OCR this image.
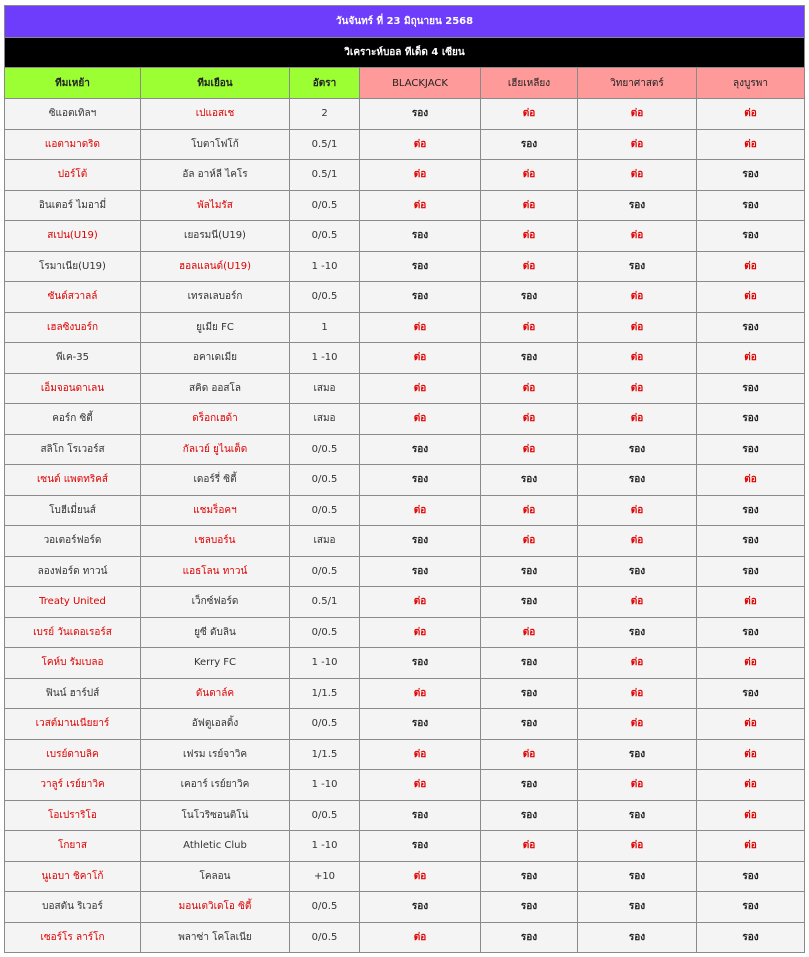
วันจันทร์ ที่ 23 มิถุนายน 2568						
วิเคราะห์บอล ทีเด็ด 4 เซียน						
ทีมเหย้า	ทีมเยือน	อัตรา	BLACKJACK	เฮียเหลียง	วิทยาศาสตร์	ลุงบูรพา
ซิแอตเทิลฯ	เปแอสเช	2	รอง	ต่อ	ต่อ	ต่อ
แอตามาดริด	โบตาโฟโก้	0.5/1	ต่อ	รอง	ต่อ	ต่อ
ปอร์โต้	อัล อาห์ลี ไคโร	0.5/1	ต่อ	ต่อ	ต่อ	รอง
อินเตอร์ ไมอามี่	พัลไมรัส	0/0.5	ต่อ	ต่อ	รอง	รอง
สเปน(U19)	เยอรมนี(U19)	0/0.5	รอง	ต่อ	ต่อ	รอง
โรมาเนีย(U19)	ฮอลแลนด์(U19)	1 -10	รอง	ต่อ	รอง	ต่อ
ซันด์สวาลล์	เทรลเลบอร์ก	0/0.5	รอง	รอง	ต่อ	ต่อ
เฮลซิงบอร์ก	ยูเมีย FC	1	ต่อ	ต่อ	ต่อ	รอง
พีเค-35	อคาเดเมีย	1 -10	ต่อ	รอง	ต่อ	ต่อ
เอ็มจอนดาเลน	สคิด ออสโล	เสมอ	ต่อ	ต่อ	ต่อ	รอง
คอร์ก ซิตี้	ดร็อกเฮด้า	เสมอ	ต่อ	ต่อ	ต่อ	รอง
สลิโก โรเวอร์ส	กัลเวย์ ยูไนเต็ด	0/0.5	รอง	ต่อ	รอง	รอง
เซนต์ แพตทริคส์	เดอร์รี่ ซิตี้	0/0.5	รอง	รอง	รอง	ต่อ
โบฮีเมี่ยนส์	แชมร็อคฯ	0/0.5	ต่อ	ต่อ	ต่อ	รอง
วอเตอร์ฟอร์ด	เชลบอร์น	เสมอ	รอง	ต่อ	ต่อ	รอง
ลองฟอร์ด ทาวน์	แอธโลน ทาวน์	0/0.5	รอง	รอง	รอง	รอง
Treaty United	เว็กซ์ฟอร์ด	0.5/1	ต่อ	รอง	ต่อ	ต่อ
เบรย์ วันเดอเรอร์ส	ยูซี ดับลิน	0/0.5	ต่อ	ต่อ	รอง	รอง
โคห์บ รัมเบลอ	Kerry FC	1 -10	รอง	รอง	ต่อ	ต่อ
ฟินน์ ฮาร์ปส์	ดันดาล์ค	1/1.5	ต่อ	รอง	ต่อ	รอง
เวสต์มานเนียยาร์	อัฟตูเอลดิ้ง	0/0.5	รอง	รอง	ต่อ	ต่อ
เบรย์ดาบลิค	เฟรม เรย์จาวิค	1/1.5	ต่อ	ต่อ	รอง	ต่อ
วาลูร์ เรย์ยาวิค	เคอาร์ เรย์ยาวิค	1 -10	ต่อ	รอง	ต่อ	ต่อ
โอเปราริโอ	โนโวริซอนติโน่	0/0.5	รอง	รอง	รอง	ต่อ
โกยาส	Athletic Club	1 -10	รอง	ต่อ	ต่อ	ต่อ
นูเอบา ชิคาโก้	โคลอน	+10	ต่อ	รอง	รอง	รอง
บอสตัน ริเวอร์	มอนเตวิเดโอ ซิตี้	0/0.5	รอง	รอง	รอง	รอง
เซอร์โร ลาร์โก	พลาซ่า โคโลเนีย	0/0.5	ต่อ	รอง	รอง	รอง
